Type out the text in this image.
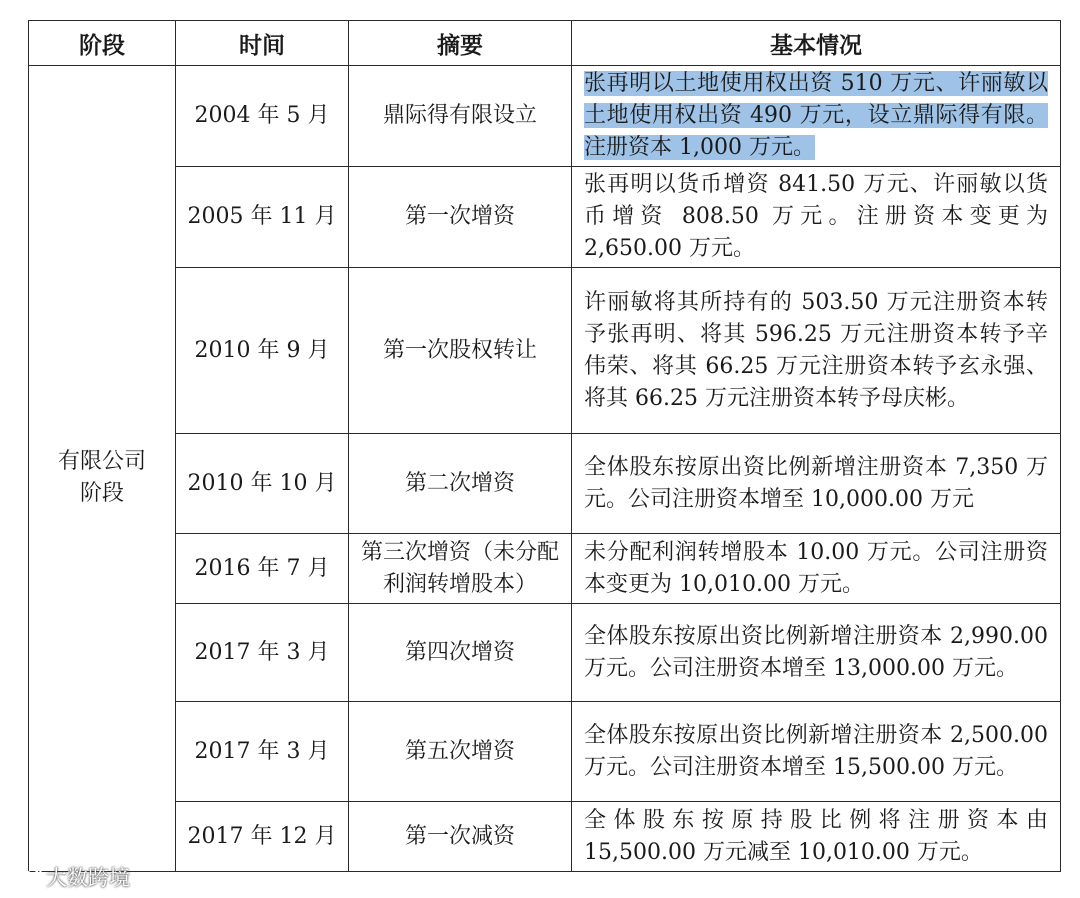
阶段	时间	摘要	基本情况

有限公司阶段	2004 年 5 月	鼎际得有限设立	张再明以土地使用权出资 510 万元、许丽敏以土地使用权出资 490 万元，设立鼎际得有限。注册资本 1,000 万元。
	2005 年 11 月	第一次增资	张再明以货币增资 841.50 万元、许丽敏以货币增资 808.50 万元。注册资本变更为 2,650.00 万元。
	2010 年 9 月	第一次股权转让	许丽敏将其所持有的 503.50 万元注册资本转予张再明、将其 596.25 万元注册资本转予辛伟荣、将其 66.25 万元注册资本转予玄永强、将其 66.25 万元注册资本转予母庆彬。
	2010 年 10 月	第二次增资	全体股东按原出资比例新增注册资本 7,350 万元。公司注册资本增至 10,000.00 万元
	2016 年 7 月	第三次增资（未分配利润转增股本）	未分配利润转增股本 10.00 万元。公司注册资本变更为 10,010.00 万元。
	2017 年 3 月	第四次增资	全体股东按原出资比例新增注册资本 2,990.00 万元。公司注册资本增至 13,000.00 万元。
	2017 年 3 月	第五次增资	全体股东按原出资比例新增注册资本 2,500.00 万元。公司注册资本增至 15,500.00 万元。
	2017 年 12 月	第一次减资	全体股东按原持股比例将注册资本由 15,500.00 万元减至 10,010.00 万元。
大数跨境
